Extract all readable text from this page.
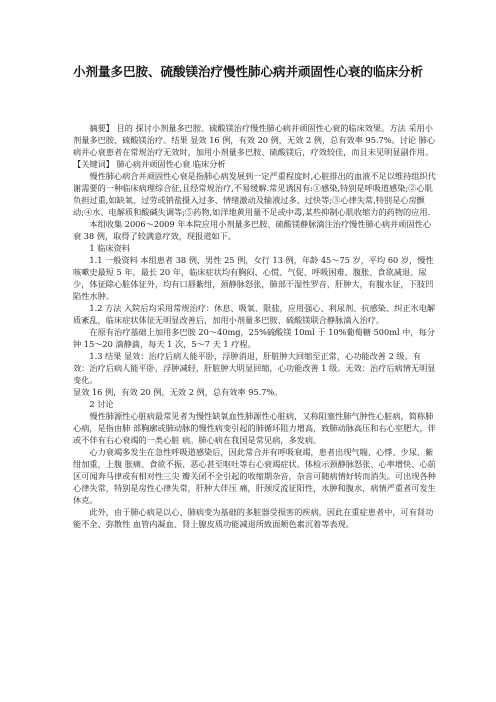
小剂量多巴胺、硫酸镁治疗慢性肺心病并顽固性心衰的临床分析

摘要】 目的 探讨小剂量多巴胺、硫酸镁治疗慢性肺心病并顽固性心衰的临床效果。方法 采用小剂量多巴胺、硫酸镁治疗。结果 显效 16 例，有效 20 例，无效 2 例，总有效率 95.7%。讨论 肺心病并心衰患者在常规治疗无效时，加用小剂量多巴胺、硫酸镁后，疗效较佳，而且未见明显副作用。

【关键词】 肺心病并顽固性心衰 临床分析

慢性肺心病合并顽固性心衰是指肺心病发展到一定严重程度时,心脏排出的血液不足以维持组织代谢需要的一种临床病理综合征,且经常规治疗,不易缓解.常见诱因有:①感染,特别是呼吸道感染;②心肌负担过重,如缺氧、过劳或钠盐摄入过多、情绪激动及输液过多、过快等;③心律失常,特别是心房颤动;④水、电解质和酸碱失调等;⑤药物,如洋地黄用量不足或中毒,某些抑制心肌收缩力的药物的应用.

本组收集 2006～2009 年本院应用小剂量多巴胺、硫酸镁静脉滴注治疗慢性肺心病并顽固性心衰 38 例，取得了较满意疗效，现报道如下。

1 临床资料

1.1 一般资料 本组患者 38 例，男性 25 例，女行 13 例，年龄 45～75 岁，平均 60 岁，慢性咳嗽史最短 5 年，最长 20 年，临床症状均有胸闷、心慌、气促、呼吸困难、腹胀、食欲减退、尿少，体征除心脏体征外，均有口唇紫绀，颈静脉怒张，肺部干湿性罗音，肝肿大，有腹水征，下肢凹陷性水肿。

1.2 方法 入院后均采用常规治疗：休息、吸氧、限盐，应用强心、利尿剂、抗感染、纠正水电解质紊乱，临床症状体征无明显改善后，加用小剂量多巴胺、硫酸镁联合静脉滴入治疗。

在原有治疗基础上加用多巴胺 20～40mg，25%硫酸镁 10ml 于 10%葡萄糖 500ml 中，每分钟 15～20 滴静滴，每天 1 次，5～7 天 1 疗程。

1.3 结果 显效：治疗后病人能平卧，浮肿消退，肝脏肿大回缩至正常，心功能改善 2 级。有效：治疗后病人能平卧，浮肿减轻，肝脏肿大明显回缩，心功能改善 1 级。无效：治疗后病情无明显变化。

显效 16 例，有效 20 例，无效 2 例，总有效率 95.7%。

2 讨论

慢性肺源性心脏病最常见者为慢性缺氧血性肺源性心脏病，又称阻塞性肺气肿性心脏病，简称肺心病，是指由肺 部胸廓或肺动脉的慢性病变引起的肺循环阻力增高，致肺动脉高压和右心室肥大，伴或不伴有右心衰竭的一类心脏 病。肺心病在我国是常见病，多发病。

心力衰竭多发生在急性呼吸道感染后，因此常合并有呼吸衰竭，患者出现气喘、心悸、少尿、紫绀加重，上腹 胀痛、食欲不振、恶心甚至呕吐等右心衰竭症状。体检示颈静脉怒张、心率增快、心前区可闻奔马律或有相对性三尖 瓣关闭不全引起的收缩期杂音，杂音可随病情好转而消失。可出现各种心律失常，特别是房性心律失常，肝肿大伴压 痛，肝颈反流征阳性，水肿和腹水，病情严重者可发生休克。

此外，由于肺心病是以心、肺病变为基础的多脏器受损害的疾病，因此在重症患者中，可有肾功能不全、弥散性 血管内凝血、肾上腺皮质功能减退所致面颊色素沉着等表现。
